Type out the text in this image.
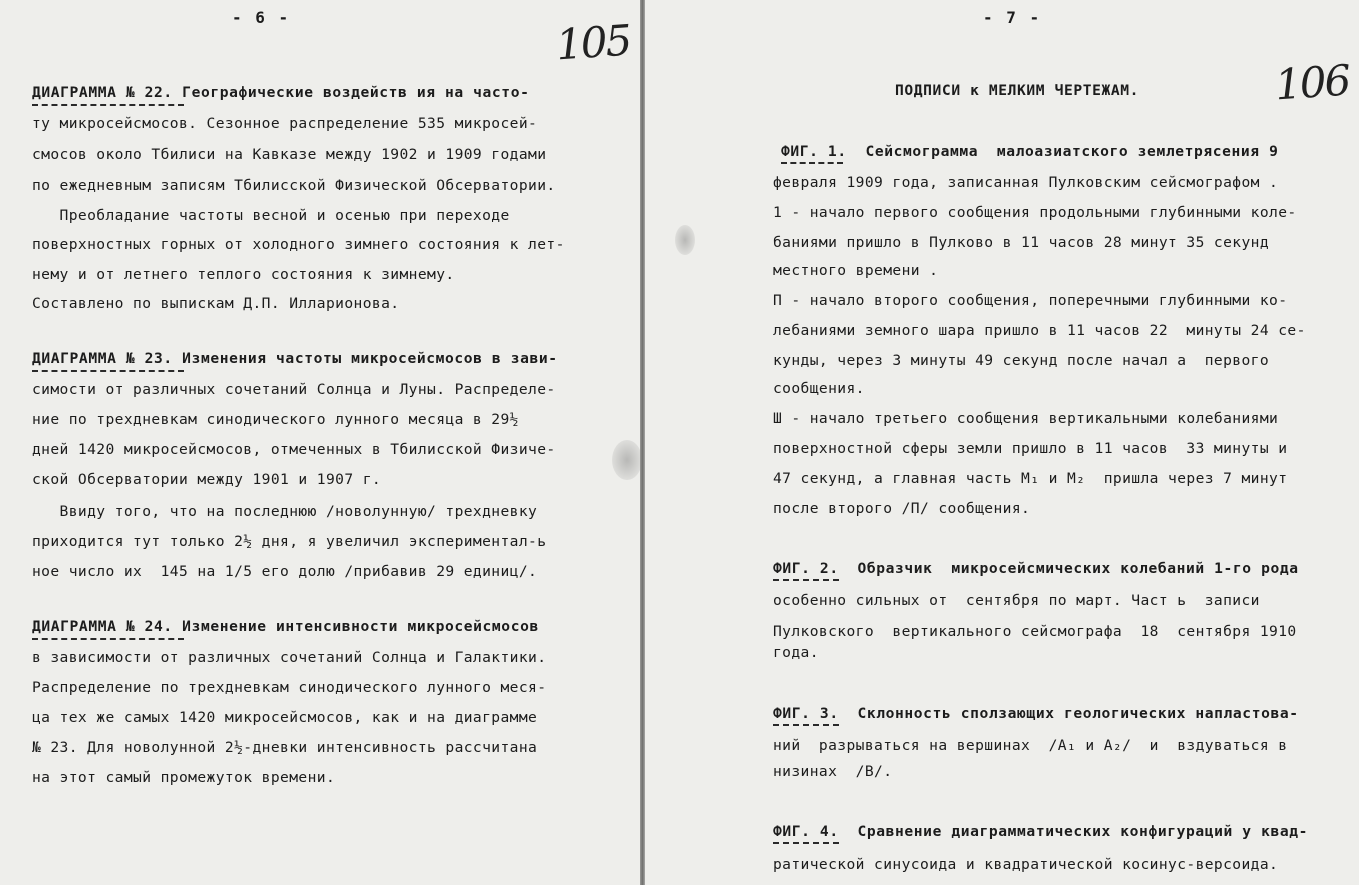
- 6 -	105
ДИАГРАММА № 22. Географические воздейств ия на часто-
ту микросейсмосов. Сезонное распределение 535 микросей-
смосов около Тбилиси на Кавказе между 1902 и 1909 годами
по ежедневным записям Тбилисской Физической Обсерватории.
Преобладание частоты весной и осенью при переходе
поверхностных горных от холодного зимнего состояния к лет-
нему и от летнего теплого состояния к зимнему.
Составлено по выпискам Д.П. Илларионова.
ДИАГРАММА № 23. Изменения частоты микросейсмосов в зави-
симости от различных сочетаний Солнца и Луны. Распределе-
ние по трехдневкам синодического лунного месяца в 29½
дней 1420 микросейсмосов, отмеченных в Тбилисской Физиче-
ской Обсерватории между 1901 и 1907 г.
Ввиду того, что на последнюю /новолунную/ трехдневку
приходится тут только 2½ дня, я увеличил экспериментал-ь
ное число их  145 на 1/5 его долю /прибавив 29 единиц/.
ДИАГРАММА № 24. Изменение интенсивности микросейсмосов
в зависимости от различных сочетаний Солнца и Галактики.
Распределение по трехдневкам синодического лунного меся-
ца тех же самых 1420 микросейсмосов, как и на диаграмме
№ 23. Для новолунной 2½-дневки интенсивность рассчитана
на этот самый промежуток времени.
- 7 -
106
ПОДПИСИ к МЕЛКИМ ЧЕРТЕЖАМ.
ФИГ. 1.  Сейсмограмма  малоазиатского землетрясения 9
февраля 1909 года, записанная Пулковским сейсмографом .
1 - начало первого сообщения продольными глубинными коле-
баниями пришло в Пулково в 11 часов 28 минут 35 секунд
местного времени .
П - начало второго сообщения, поперечными глубинными ко-
лебаниями земного шара пришло в 11 часов 22  минуты 24 се-
кунды, через 3 минуты 49 секунд после начал а  первого
сообщения.
Ш - начало третьего сообщения вертикальными колебаниями
поверхностной сферы земли пришло в 11 часов  33 минуты и
47 секунд, а главная часть M₁ и M₂  пришла через 7 минут
после второго /П/ сообщения.
ФИГ. 2.  Образчик  микросейсмических колебаний 1-го рода
особенно сильных от  сентября по март. Част ь  записи
Пулковского  вертикального сейсмографа  18  сентября 1910
года.
ФИГ. 3.  Склонность сползающих геологических напластова-
ний  разрываться на вершинах  /A₁ и A₂/  и  вздуваться в
низинах  /B/.
ФИГ. 4.  Сравнение диаграмматических конфигураций у квад-
ратической синусоида и квадратической косинус-версоида.
